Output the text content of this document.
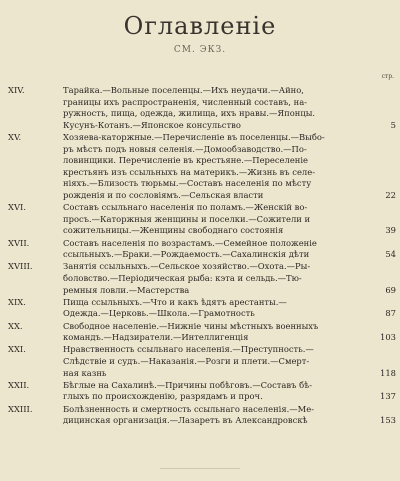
Оглавленіе
СМ. ЭКЗ.
стр.
XIV.	Тарайка.—Вольные поселенцы.—Ихъ неудачи.—Айно,
границы ихъ распространенія, численный составъ, на-
ружность, пища, одежда, жилища, ихъ нравы.—Японцы.
Кусунъ-Котанъ.—Японское консульство	5
XV.	Хозяева-каторжные.—Перечисленіе въ поселенцы.—Выбо-
ръ мѣстъ подъ новыя селенія.—Домообзаводство.—По-
ловинщики. Перечисленіе въ крестьяне.—Переселеніе
крестьянъ изъ ссыльныхъ на материкъ.—Жизнь въ селе-
ніяхъ.—Близость тюрьмы.—Составъ населенія по мѣсту
рожденія и по сословіямъ.—Сельская власти	22
XVI.	Составъ ссыльнаго населенія по поламъ.—Женскій во-
просъ.—Каторжныя женщины и поселки.—Сожители и
сожительницы.—Женщины свободнаго состоянія	39
XVII.	Составъ населенія по возрастамъ.—Семейное положеніе
ссыльныхъ.—Браки.—Рождаемость.—Сахалинскія дѣти	54
XVIII.	Занятія ссыльныхъ.—Сельское хозяйство.—Охота.—Ры-
боловство.—Періодическая рыба: кэта и сельдь.—Тю-
ремныя ловли.—Мастерства	69
XIX.	Пища ссыльныхъ.—Что и какъ ѣдятъ арестанты.—
Одежда.—Церковь.—Школа.—Грамотность	87
XX.	Свободное населеніе.—Нижніе чины мѣстныхъ военныхъ
командъ.—Надзиратели.—Интеллигенція	103
XXI.	Нравственность ссыльнаго населенія.—Преступность.—
Слѣдствіе и судъ.—Наказанія.—Розги и плети.—Смерт-
ная казнь	118
XXII.	Бѣглые на Сахалинѣ.—Причины побѣговъ.—Составъ бѣ-
глыхъ по происхожденію, разрядамъ и проч.	137
XXIII.	Болѣзненность и смертность ссыльнаго населенія.—Ме-
дицинская организація.—Лазаретъ въ Александровскѣ	153
